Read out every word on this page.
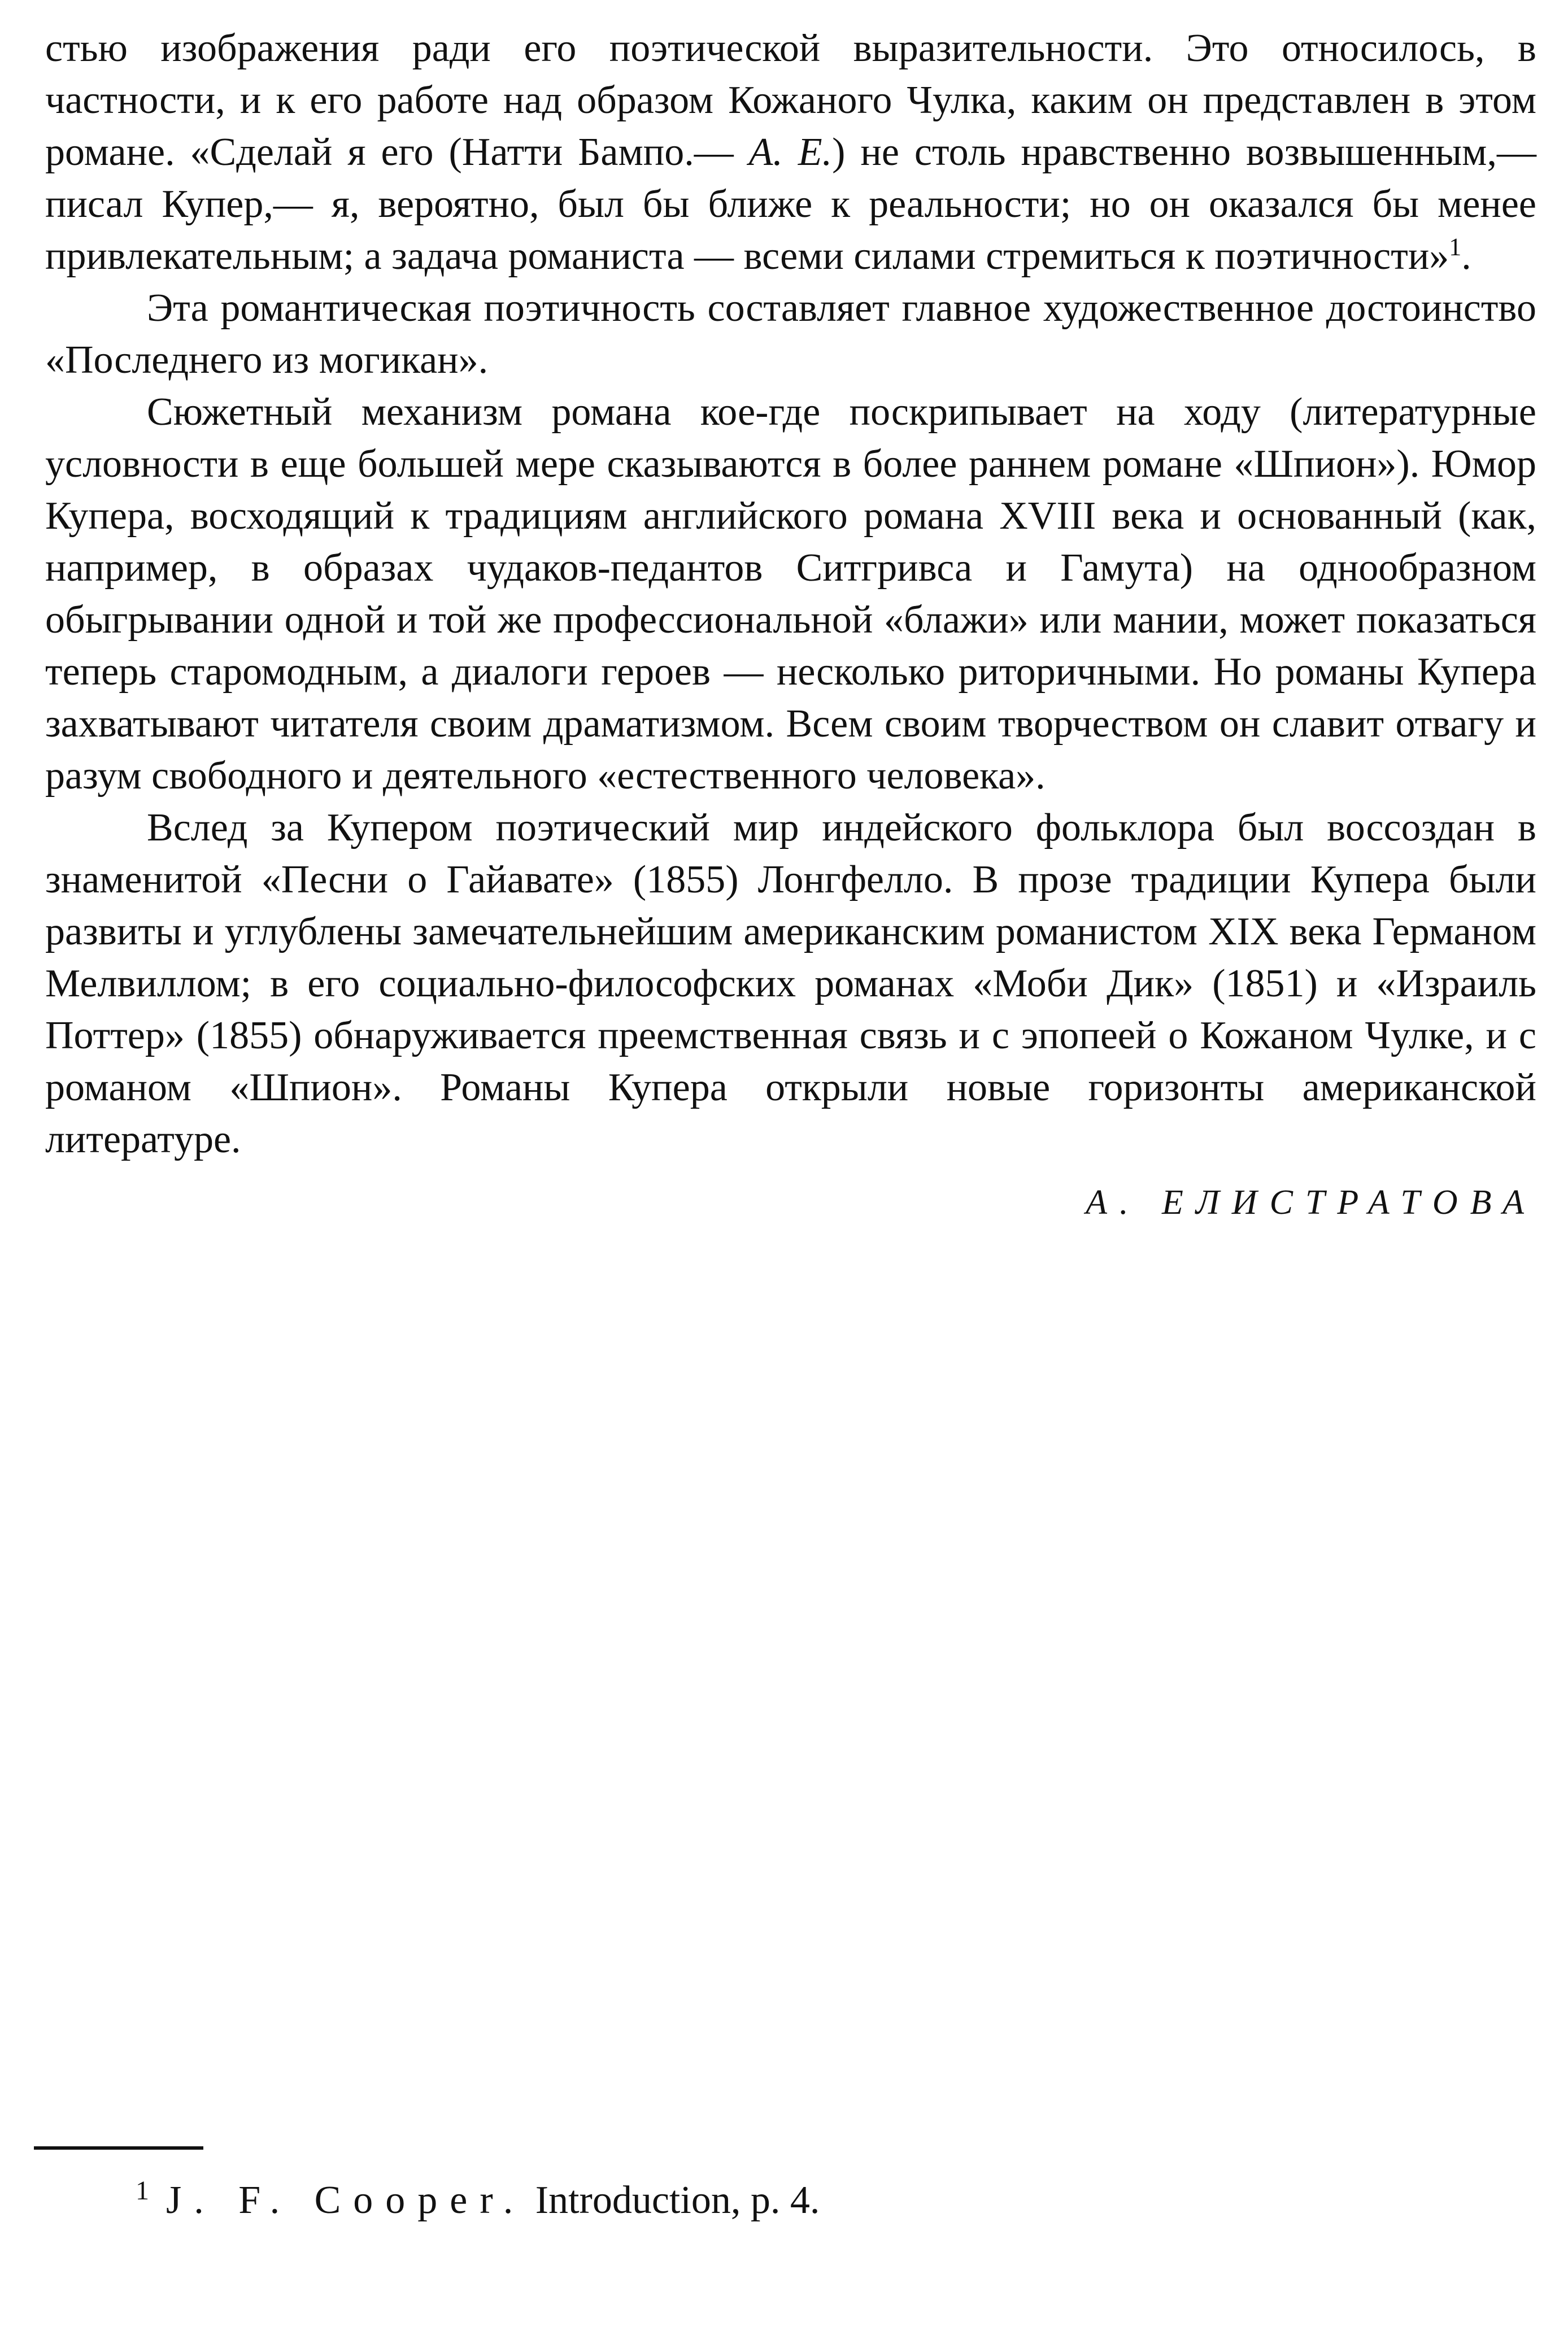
стью изображения ради его поэтической выразительности. Это относилось, в частности, и к его работе над образом Кожаного Чулка, каким он представлен в этом романе. «Сделай я его (Натти Бампо.— А. Е.) не столь нравственно возвышенным,— писал Купер,— я, вероятно, был бы ближе к реальности; но он оказался бы менее привлекательным; а задача романиста — всеми силами стремиться к поэтичности»$^1$.

Эта романтическая поэтичность составляет главное художественное достоинство «Последнего из могикан».

Сюжетный механизм романа кое-где поскрипывает на ходу (литературные условности в еще большей мере сказываются в более раннем романе «Шпион»). Юмор Купера, восходящий к традициям английского романа XVIII века и основанный (как, например, в образах чудаков-педантов Ситгривса и Гамута) на однообразном обыгрывании одной и той же профессиональной «блажи» или мании, может показаться теперь старомодным, а диалоги героев — несколько риторичными. Но романы Купера захватывают читателя своим драматизмом. Всем своим творчеством он славит отвагу и разум свободного и деятельного «естественного человека».

Вслед за Купером поэтический мир индейского фольклора был воссоздан в знаменитой «Песни о Гайавате» (1855) Лонгфелло. В прозе традиции Купера были развиты и углублены замечательнейшим американским романистом XIX века Германом Мелвиллом; в его социально-философских романах «Моби Дик» (1851) и «Израиль Поттер» (1855) обнаруживается преемственная связь и с эпопеей о Кожаном Чулке, и с романом «Шпион». Романы Купера открыли новые горизонты американской литературе.

А. ЕЛИСТРАТОВА
$^1$ J. F. Cooper. Introduction, p. 4.
